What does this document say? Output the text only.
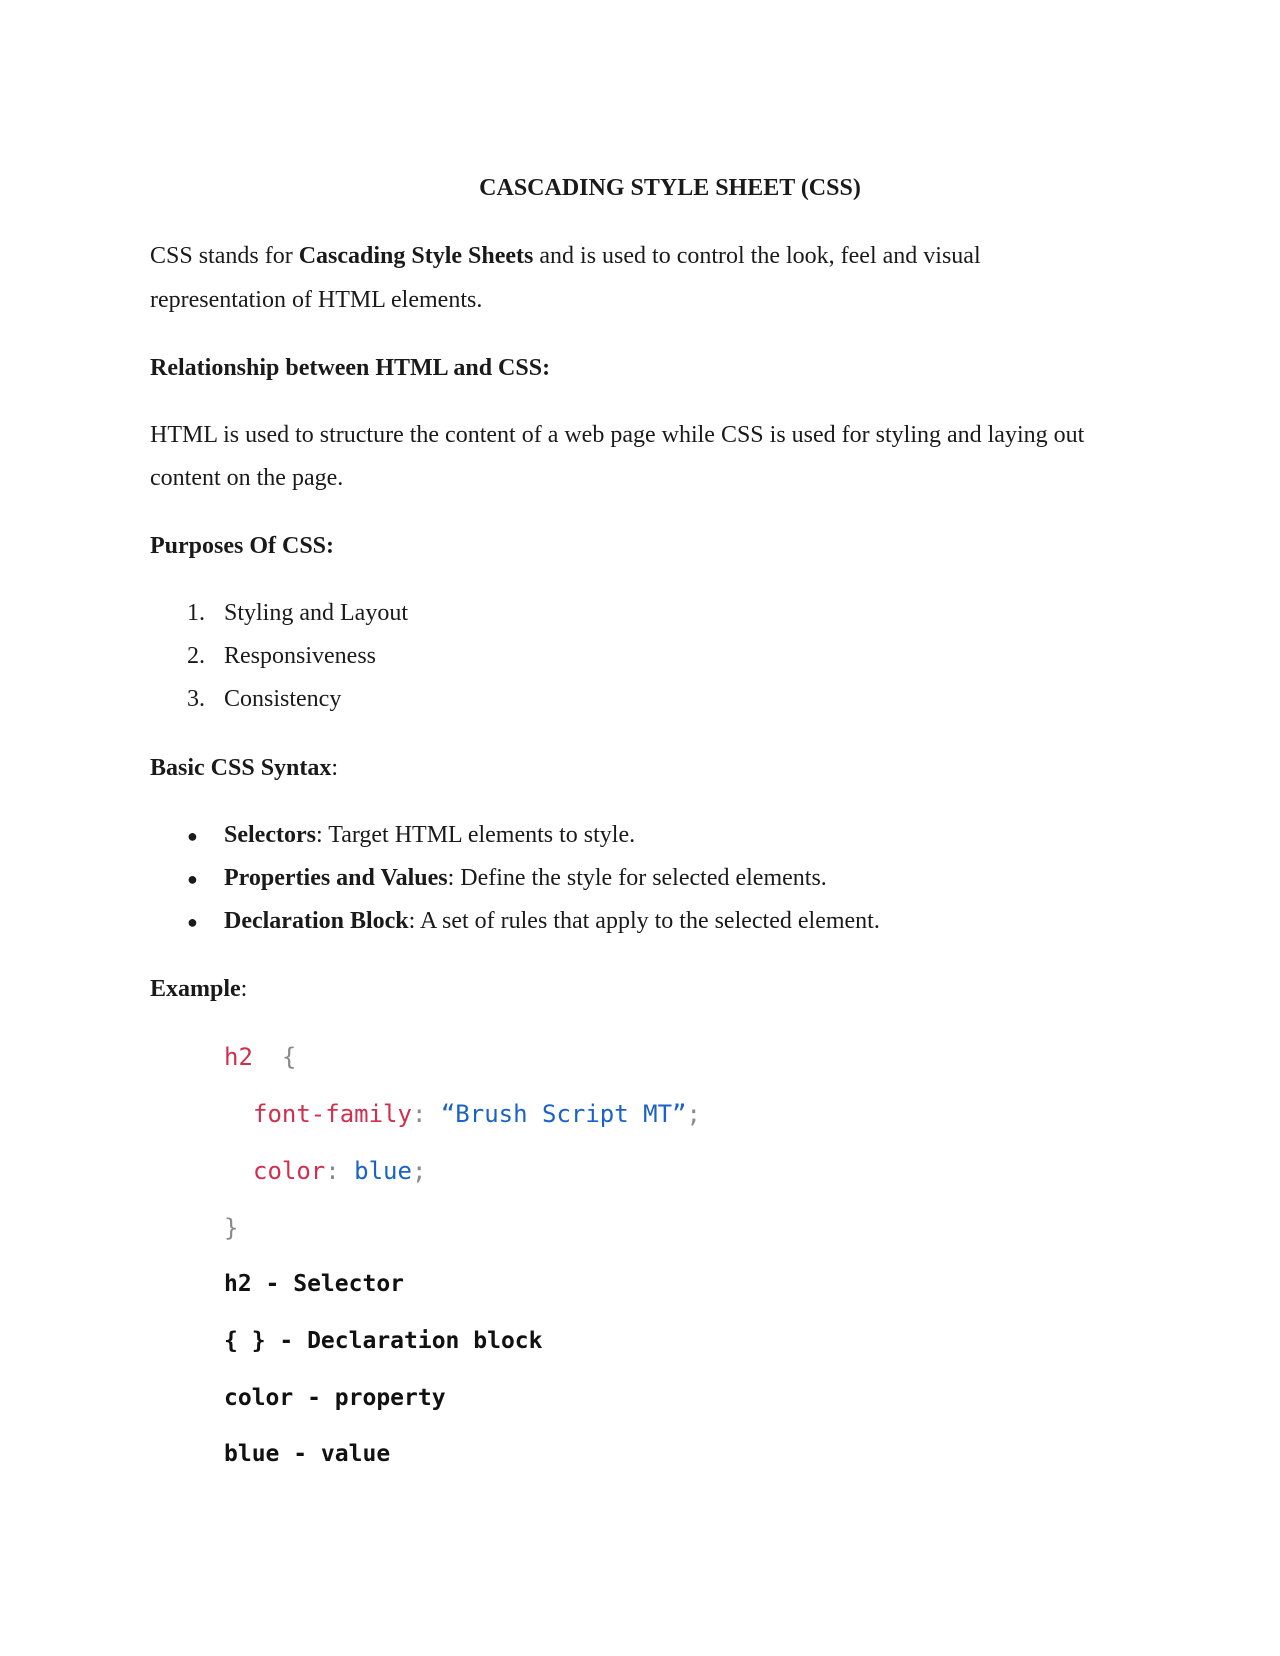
CASCADING STYLE SHEET (CSS)
CSS stands for Cascading Style Sheets and is used to control the look, feel and visual
representation of HTML elements.
Relationship between HTML and CSS:
HTML is used to structure the content of a web page while CSS is used for styling and laying out
content on the page.
Purposes Of CSS:
1. Styling and Layout
2. Responsiveness
3. Consistency
Basic CSS Syntax:
● Selectors: Target HTML elements to style.
● Properties and Values: Define the style for selected elements.
● Declaration Block: A set of rules that apply to the selected element.
Example:
h2 {
font-family: “Brush Script MT”;
color: blue;
}
h2 - Selector
{ } - Declaration block
color - property
blue - value
